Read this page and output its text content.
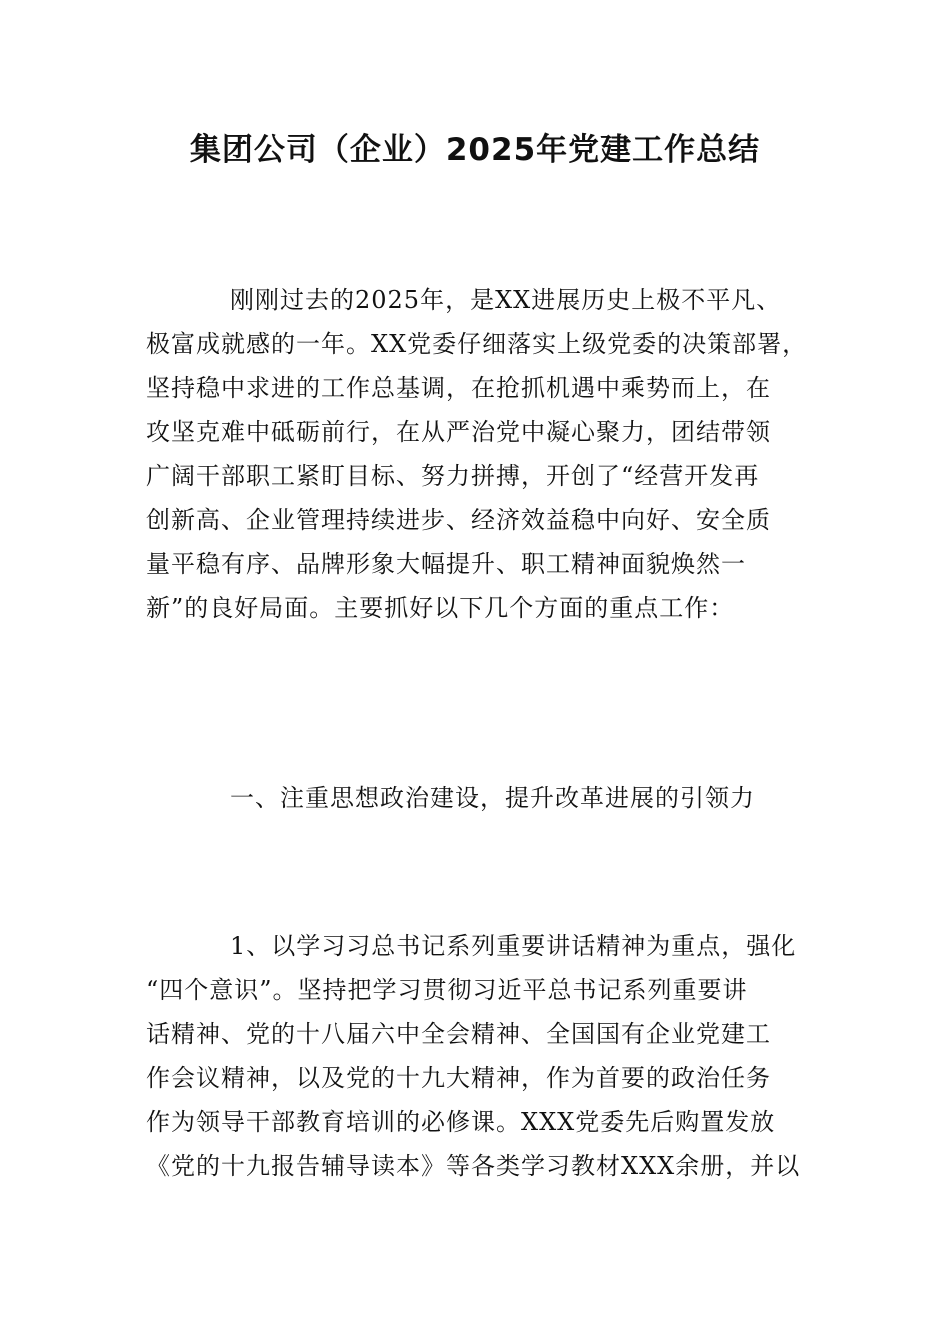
集团公司（企业）2025年党建工作总结

刚刚过去的2025年，是XX进展历史上极不平凡、
极富成就感的一年。XX党委仔细落实上级党委的决策部署，
坚持稳中求进的工作总基调，在抢抓机遇中乘势而上，在
攻坚克难中砥砺前行，在从严治党中凝心聚力，团结带领
广阔干部职工紧盯目标、努力拼搏，开创了“经营开发再
创新高、企业管理持续进步、经济效益稳中向好、安全质
量平稳有序、品牌形象大幅提升、职工精神面貌焕然一
新”的良好局面。主要抓好以下几个方面的重点工作：

一、注重思想政治建设，提升改革进展的引领力

1、以学习习总书记系列重要讲话精神为重点，强化
“四个意识”。坚持把学习贯彻习近平总书记系列重要讲
话精神、党的十八届六中全会精神、全国国有企业党建工
作会议精神，以及党的十九大精神，作为首要的政治任务
作为领导干部教育培训的必修课。XXX党委先后购置发放
《党的十九报告辅导读本》等各类学习教材XXX余册，并以
